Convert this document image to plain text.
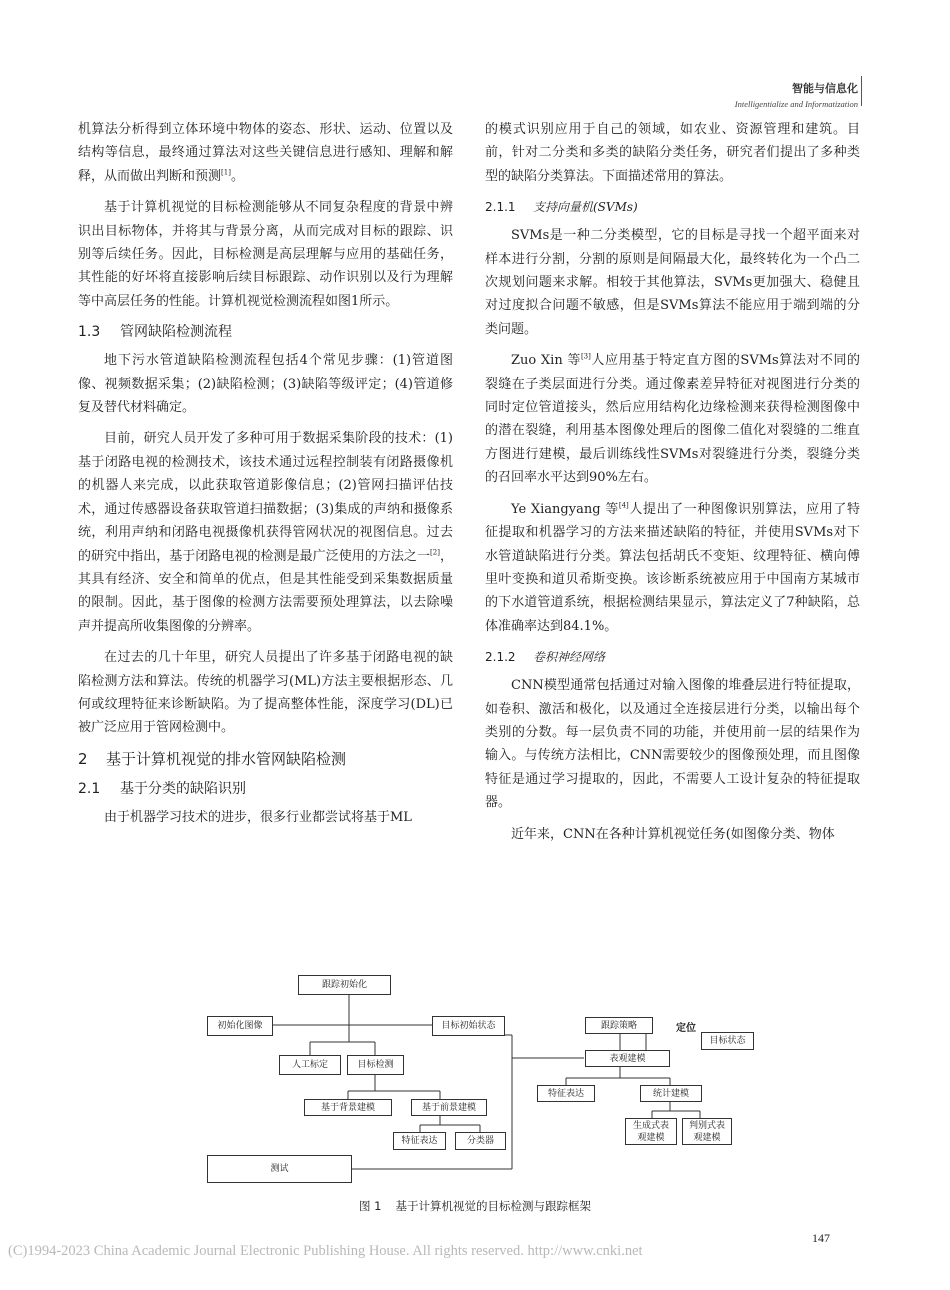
智能与信息化
Intelligentialize and Informatization

机算法分析得到立体环境中物体的姿态、形状、运动、位置以及结构等信息，最终通过算法对这些关键信息进行感知、理解和解释，从而做出判断和预测[1]。

基于计算机视觉的目标检测能够从不同复杂程度的背景中辨识出目标物体，并将其与背景分离，从而完成对目标的跟踪、识别等后续任务。因此，目标检测是高层理解与应用的基础任务，其性能的好坏将直接影响后续目标跟踪、动作识别以及行为理解等中高层任务的性能。计算机视觉检测流程如图1所示。

1.3 管网缺陷检测流程

地下污水管道缺陷检测流程包括4个常见步骤：(1)管道图像、视频数据采集；(2)缺陷检测；(3)缺陷等级评定；(4)管道修复及替代材料确定。

目前，研究人员开发了多种可用于数据采集阶段的技术：(1)基于闭路电视的检测技术，该技术通过远程控制装有闭路摄像机的机器人来完成，以此获取管道影像信息；(2)管网扫描评估技术，通过传感器设备获取管道扫描数据；(3)集成的声纳和摄像系统，利用声纳和闭路电视摄像机获得管网状况的视图信息。过去的研究中指出，基于闭路电视的检测是最广泛使用的方法之一[2]，其具有经济、安全和简单的优点，但是其性能受到采集数据质量的限制。因此，基于图像的检测方法需要预处理算法，以去除噪声并提高所收集图像的分辨率。

在过去的几十年里，研究人员提出了许多基于闭路电视的缺陷检测方法和算法。传统的机器学习(ML)方法主要根据形态、几何或纹理特征来诊断缺陷。为了提高整体性能，深度学习(DL)已被广泛应用于管网检测中。

2 基于计算机视觉的排水管网缺陷检测
2.1 基于分类的缺陷识别

由于机器学习技术的进步，很多行业都尝试将基于ML

的模式识别应用于自己的领域，如农业、资源管理和建筑。目前，针对二分类和多类的缺陷分类任务，研究者们提出了多种类型的缺陷分类算法。下面描述常用的算法。

2.1.1 支持向量机(SVMs)

SVMs是一种二分类模型，它的目标是寻找一个超平面来对样本进行分割，分割的原则是间隔最大化，最终转化为一个凸二次规划问题来求解。相较于其他算法，SVMs更加强大、稳健且对过度拟合问题不敏感，但是SVMs算法不能应用于端到端的分类问题。

Zuo Xin 等[3]人应用基于特定直方图的SVMs算法对不同的裂缝在子类层面进行分类。通过像素差异特征对视图进行分类的同时定位管道接头，然后应用结构化边缘检测来获得检测图像中的潜在裂缝，利用基本图像处理后的图像二值化对裂缝的二维直方图进行建模，最后训练线性SVMs对裂缝进行分类，裂缝分类的召回率水平达到90%左右。

Ye Xiangyang 等[4]人提出了一种图像识别算法，应用了特征提取和机器学习的方法来描述缺陷的特征，并使用SVMs对下水管道缺陷进行分类。算法包括胡氏不变矩、纹理特征、横向傅里叶变换和道贝希斯变换。该诊断系统被应用于中国南方某城市的下水道管道系统，根据检测结果显示，算法定义了7种缺陷，总体准确率达到84.1%。

2.1.2 卷积神经网络

CNN模型通常包括通过对输入图像的堆叠层进行特征提取，如卷积、激活和极化，以及通过全连接层进行分类，以输出每个类别的分数。每一层负责不同的功能，并使用前一层的结果作为输入。与传统方法相比，CNN需要较少的图像预处理，而且图像特征是通过学习提取的，因此，不需要人工设计复杂的特征提取器。

近年来，CNN在各种计算机视觉任务(如图像分类、物体

跟踪初始化
初始化图像	目标初始状态
人工标定	目标检测
基于背景建模	基于前景建模
特征表达	分类器
测试
跟踪策略	定位
目标状态
表观建模
特征表达	统计建模
生成式表观建模
判别式表观建模
图 1 基于计算机视觉的目标检测与跟踪框架
147
(C)1994-2023 China Academic Journal Electronic Publishing House. All rights reserved. http://www.cnki.net
